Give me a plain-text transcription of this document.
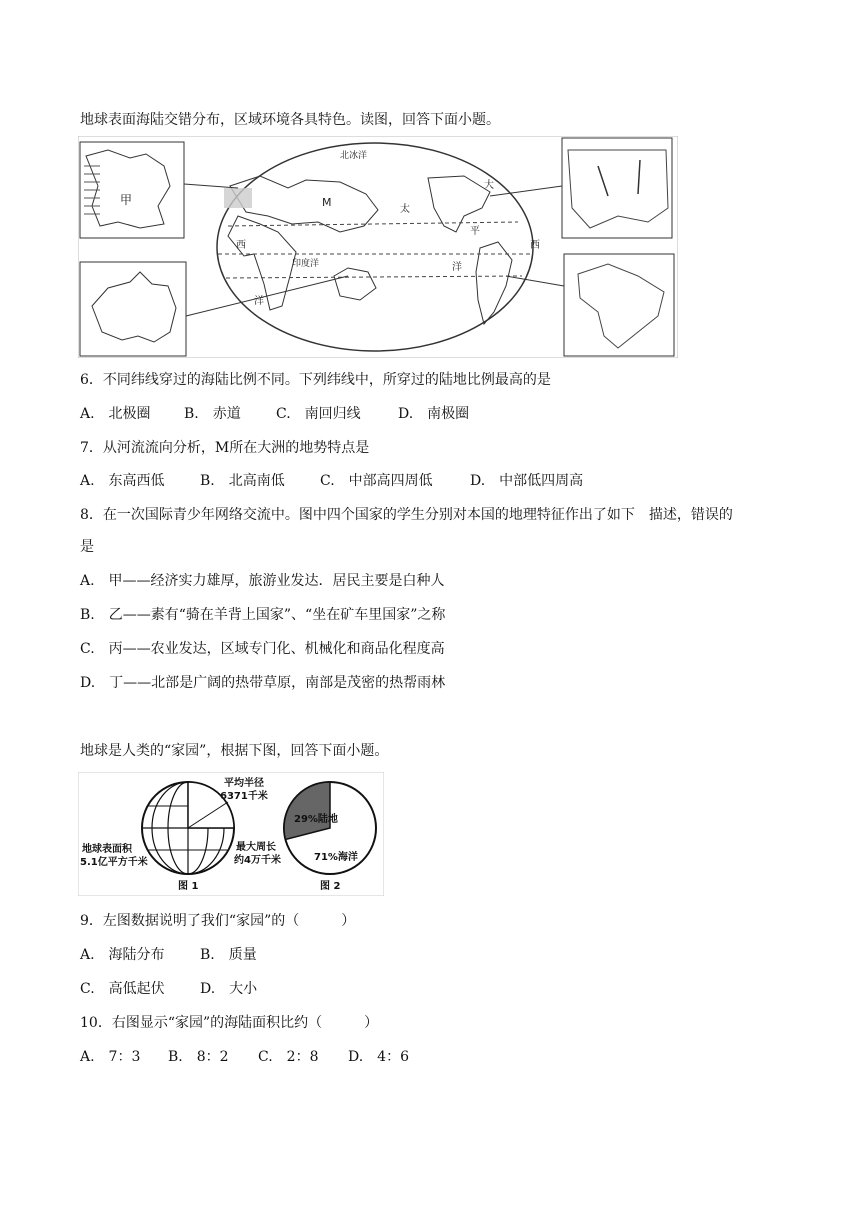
地球表面海陆交错分布，区域环境各具特色。读图，回答下面小题。
甲
北冰洋
M
太
平
洋
大
西	西
印度洋
洋
6．不同纬线穿过的海陆比例不同。下列纬线中，所穿过的陆地比例最高的是
A.　北极圈 B.　赤道	C.　南回归线	D.　南极圈
7．从河流流向分析，M所在大洲的地势特点是
A.　东高西低	B.　北高南低	C.　中部高四周低	D.　中部低四周高
8．在一次国际青少年网络交流中。图中四个国家的学生分别对本国的地理特征作出了如下　描述，错误的
是
A.　甲——经济实力雄厚，旅游业发达．居民主要是白种人
B.　乙——素有“骑在羊背上国家”、“坐在矿车里国家”之称
C.　丙——农业发达，区域专门化、机械化和商品化程度高
D.　丁——北部是广阔的热带草原，南部是茂密的热帮雨林
地球是人类的“家园”，根据下图，回答下面小题。
平均半径
6371千米
地球表面积
5.1亿平方千米
最大周长
约4万千米
图 1
29%陆地
71%海洋
图 2
9．左图数据说明了我们“家园”的（　　　）
A.　海陆分布	B.　质量
C.　高低起伏	D.　大小
10．右图显示“家园”的海陆面积比约（　　　）
A.　7：3 B.　8：2 C.　2：8 D.　4：6
